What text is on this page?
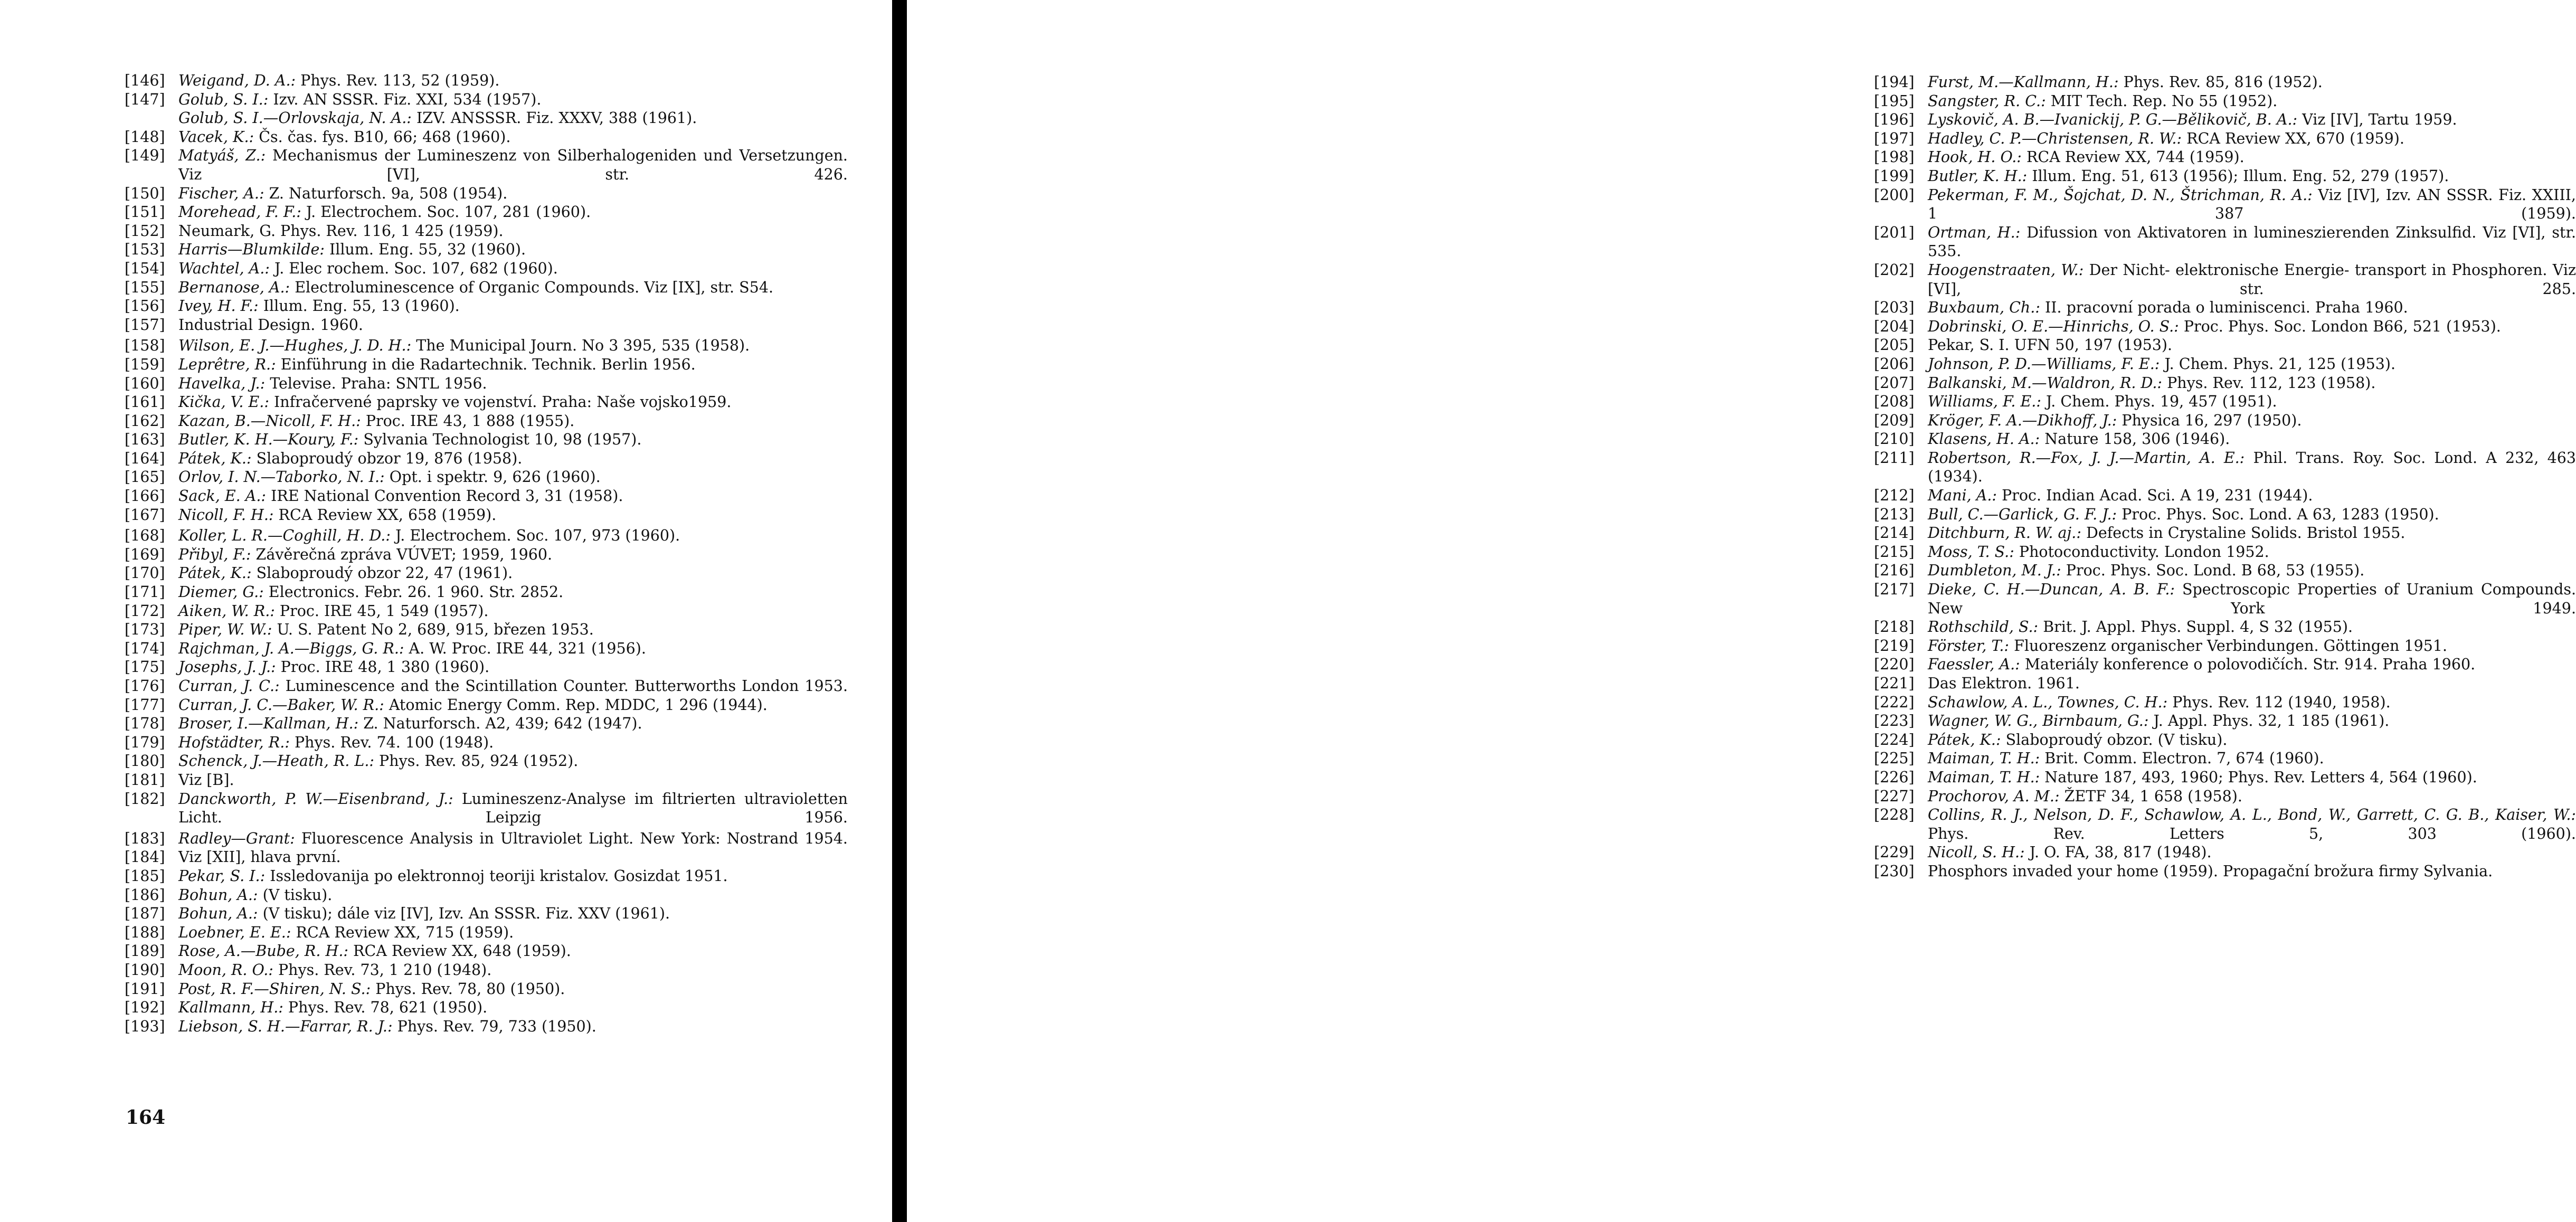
[146] Weigand, D. A.: Phys. Rev. 113, 52 (1959).
[147] Golub, S. I.: Izv. AN SSSR. Fiz. XXI, 534 (1957).
Golub, S. I.—Orlovskaja, N. A.: IZV. ANSSSR. Fiz. XXXV, 388 (1961).
[148] Vacek, K.: Čs. čas. fys. B10, 66; 468 (1960).
[149] Matyáš, Z.: Mechanismus der Lumineszenz von Silberhalogeniden und Versetzungen. Viz [VI], str. 426.
[150] Fischer, A.: Z. Naturforsch. 9a, 508 (1954).
[151] Morehead, F. F.: J. Electrochem. Soc. 107, 281 (1960).
[152] Neumark, G. Phys. Rev. 116, 1 425 (1959).
[153] Harris—Blumkilde: Illum. Eng. 55, 32 (1960).
[154] Wachtel, A.: J. Elec rochem. Soc. 107, 682 (1960).
[155] Bernanose, A.: Electroluminescence of Organic Compounds. Viz [IX], str. S54.
[156] Ivey, H. F.: Illum. Eng. 55, 13 (1960).
[157] Industrial Design. 1960.
[158] Wilson, E. J.—Hughes, J. D. H.: The Municipal Journ. No 3 395, 535 (1958).
[159] Leprêtre, R.: Einführung in die Radartechnik. Technik. Berlin 1956.
[160] Havelka, J.: Televise. Praha: SNTL 1956.
[161] Kička, V. E.: Infračervené paprsky ve vojenství. Praha: Naše vojsko1959.
[162] Kazan, B.—Nicoll, F. H.: Proc. IRE 43, 1 888 (1955).
[163] Butler, K. H.—Koury, F.: Sylvania Technologist 10, 98 (1957).
[164] Pátek, K.: Slaboproudý obzor 19, 876 (1958).
[165] Orlov, I. N.—Taborko, N. I.: Opt. i spektr. 9, 626 (1960).
[166] Sack, E. A.: IRE National Convention Record 3, 31 (1958).
[167] Nicoll, F. H.: RCA Review XX, 658 (1959).
[168] Koller, L. R.—Coghill, H. D.: J. Electrochem. Soc. 107, 973 (1960).
[169] Přibyl, F.: Závěrečná zpráva VÚVET; 1959, 1960.
[170] Pátek, K.: Slaboproudý obzor 22, 47 (1961).
[171] Diemer, G.: Electronics. Febr. 26. 1 960. Str. 2852.
[172] Aiken, W. R.: Proc. IRE 45, 1 549 (1957).
[173] Piper, W. W.: U. S. Patent No 2, 689, 915, březen 1953.
[174] Rajchman, J. A.—Biggs, G. R.: A. W. Proc. IRE 44, 321 (1956).
[175] Josephs, J. J.: Proc. IRE 48, 1 380 (1960).
[176] Curran, J. C.: Luminescence and the Scintillation Counter. Butterworths London 1953.
[177] Curran, J. C.—Baker, W. R.: Atomic Energy Comm. Rep. MDDC, 1 296 (1944).
[178] Broser, I.—Kallman, H.: Z. Naturforsch. A2, 439; 642 (1947).
[179] Hofstädter, R.: Phys. Rev. 74. 100 (1948).
[180] Schenck, J.—Heath, R. L.: Phys. Rev. 85, 924 (1952).
[181] Viz [B].
[182] Danckworth, P. W.—Eisenbrand, J.: Lumineszenz-Analyse im filtrierten ultravioletten Licht. Leipzig 1956.
[183] Radley—Grant: Fluorescence Analysis in Ultraviolet Light. New York: Nostrand 1954.
[184] Viz [XII], hlava první.
[185] Pekar, S. I.: Issledovanija po elektronnoj teoriji kristalov. Gosizdat 1951.
[186] Bohun, A.: (V tisku).
[187] Bohun, A.: (V tisku); dále viz [IV], Izv. An SSSR. Fiz. XXV (1961).
[188] Loebner, E. E.: RCA Review XX, 715 (1959).
[189] Rose, A.—Bube, R. H.: RCA Review XX, 648 (1959).
[190] Moon, R. O.: Phys. Rev. 73, 1 210 (1948).
[191] Post, R. F.—Shiren, N. S.: Phys. Rev. 78, 80 (1950).
[192] Kallmann, H.: Phys. Rev. 78, 621 (1950).
[193] Liebson, S. H.—Farrar, R. J.: Phys. Rev. 79, 733 (1950).
164
[194] Furst, M.—Kallmann, H.: Phys. Rev. 85, 816 (1952).
[195] Sangster, R. C.: MIT Tech. Rep. No 55 (1952).
[196] Lyskovič, A. B.—Ivanickij, P. G.—Bělikovič, B. A.: Viz [IV], Tartu 1959.
[197] Hadley, C. P.—Christensen, R. W.: RCA Review XX, 670 (1959).
[198] Hook, H. O.: RCA Review XX, 744 (1959).
[199] Butler, K. H.: Illum. Eng. 51, 613 (1956); Illum. Eng. 52, 279 (1957).
[200] Pekerman, F. M., Šojchat, D. N., Štrichman, R. A.: Viz [IV], Izv. AN SSSR. Fiz. XXIII, 1 387 (1959).
[201] Ortman, H.: Difussion von Aktivatoren in lumineszierenden Zinksulfid. Viz [VI], str. 535.
[202] Hoogenstraaten, W.: Der Nicht- elektronische Energie- transport in Phosphoren. Viz [VI], str. 285.
[203] Buxbaum, Ch.: II. pracovní porada o luminiscenci. Praha 1960.
[204] Dobrinski, O. E.—Hinrichs, O. S.: Proc. Phys. Soc. London B66, 521 (1953).
[205] Pekar, S. I. UFN 50, 197 (1953).
[206] Johnson, P. D.—Williams, F. E.: J. Chem. Phys. 21, 125 (1953).
[207] Balkanski, M.—Waldron, R. D.: Phys. Rev. 112, 123 (1958).
[208] Williams, F. E.: J. Chem. Phys. 19, 457 (1951).
[209] Kröger, F. A.—Dikhoff, J.: Physica 16, 297 (1950).
[210] Klasens, H. A.: Nature 158, 306 (1946).
[211] Robertson, R.—Fox, J. J.—Martin, A. E.: Phil. Trans. Roy. Soc. Lond. A 232, 463 (1934).
[212] Mani, A.: Proc. Indian Acad. Sci. A 19, 231 (1944).
[213] Bull, C.—Garlick, G. F. J.: Proc. Phys. Soc. Lond. A 63, 1283 (1950).
[214] Ditchburn, R. W. aj.: Defects in Crystaline Solids. Bristol 1955.
[215] Moss, T. S.: Photoconductivity. London 1952.
[216] Dumbleton, M. J.: Proc. Phys. Soc. Lond. B 68, 53 (1955).
[217] Dieke, C. H.—Duncan, A. B. F.: Spectroscopic Properties of Uranium Compounds. New York 1949.
[218] Rothschild, S.: Brit. J. Appl. Phys. Suppl. 4, S 32 (1955).
[219] Förster, T.: Fluoreszenz organischer Verbindungen. Göttingen 1951.
[220] Faessler, A.: Materiály konference o polovodičích. Str. 914. Praha 1960.
[221] Das Elektron. 1961.
[222] Schawlow, A. L., Townes, C. H.: Phys. Rev. 112 (1940, 1958).
[223] Wagner, W. G., Birnbaum, G.: J. Appl. Phys. 32, 1 185 (1961).
[224] Pátek, K.: Slaboproudý obzor. (V tisku).
[225] Maiman, T. H.: Brit. Comm. Electron. 7, 674 (1960).
[226] Maiman, T. H.: Nature 187, 493, 1960; Phys. Rev. Letters 4, 564 (1960).
[227] Prochorov, A. M.: ŽETF 34, 1 658 (1958).
[228] Collins, R. J., Nelson, D. F., Schawlow, A. L., Bond, W., Garrett, C. G. B., Kaiser, W.: Phys. Rev. Letters 5, 303 (1960).
[229] Nicoll, S. H.: J. O. FA, 38, 817 (1948).
[230] Phosphors invaded your home (1959). Propagační brožura firmy Sylvania.
